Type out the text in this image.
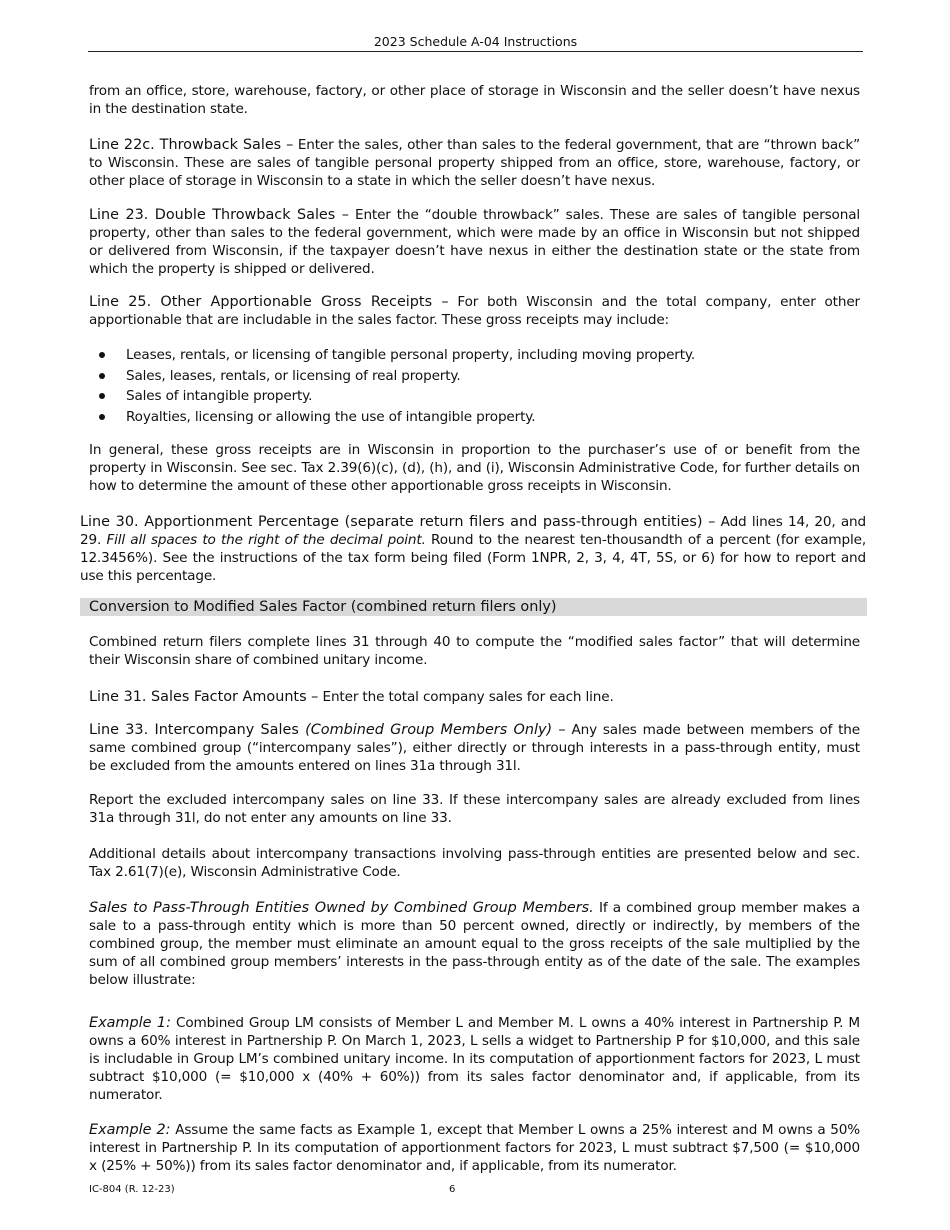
2023 Schedule A-04 Instructions
from an office, store, warehouse, factory, or other place of storage in Wisconsin and the seller doesn’t have nexus in the destination state.
Line 22c. Throwback Sales – Enter the sales, other than sales to the federal government, that are “thrown back” to Wisconsin. These are sales of tangible personal property shipped from an office, store, warehouse, factory, or other place of storage in Wisconsin to a state in which the seller doesn’t have nexus.
Line 23. Double Throwback Sales – Enter the “double throwback” sales. These are sales of tangible personal property, other than sales to the federal government, which were made by an office in Wisconsin but not shipped or delivered from Wisconsin, if the taxpayer doesn’t have nexus in either the destination state or the state from which the property is shipped or delivered.
Line 25. Other Apportionable Gross Receipts – For both Wisconsin and the total company, enter other apportionable that are includable in the sales factor. These gross receipts may include:
Leases, rentals, or licensing of tangible personal property, including moving property.
Sales, leases, rentals, or licensing of real property.
Sales of intangible property.
Royalties, licensing or allowing the use of intangible property.
In general, these gross receipts are in Wisconsin in proportion to the purchaser’s use of or benefit from the property in Wisconsin. See sec. Tax 2.39(6)(c), (d), (h), and (i), Wisconsin Administrative Code, for further details on how to determine the amount of these other apportionable gross receipts in Wisconsin.
Line 30. Apportionment Percentage (separate return filers and pass-through entities) – Add lines 14, 20, and 29. Fill all spaces to the right of the decimal point. Round to the nearest ten-thousandth of a percent (for example, 12.3456%). See the instructions of the tax form being filed (Form 1NPR, 2, 3, 4, 4T, 5S, or 6) for how to report and use this percentage.
Conversion to Modified Sales Factor (combined return filers only)
Combined return filers complete lines 31 through 40 to compute the “modified sales factor” that will determine their Wisconsin share of combined unitary income.
Line 31. Sales Factor Amounts – Enter the total company sales for each line.
Line 33. Intercompany Sales (Combined Group Members Only) – Any sales made between members of the same combined group (“intercompany sales”), either directly or through interests in a pass-through entity, must be excluded from the amounts entered on lines 31a through 31l.
Report the excluded intercompany sales on line 33. If these intercompany sales are already excluded from lines 31a through 31l, do not enter any amounts on line 33.
Additional details about intercompany transactions involving pass-through entities are presented below and sec. Tax 2.61(7)(e), Wisconsin Administrative Code.
Sales to Pass-Through Entities Owned by Combined Group Members. If a combined group member makes a sale to a pass-through entity which is more than 50 percent owned, directly or indirectly, by members of the combined group, the member must eliminate an amount equal to the gross receipts of the sale multiplied by the sum of all combined group members’ interests in the pass-through entity as of the date of the sale. The examples below illustrate:
Example 1: Combined Group LM consists of Member L and Member M. L owns a 40% interest in Partnership P. M owns a 60% interest in Partnership P. On March 1, 2023, L sells a widget to Partnership P for $10,000, and this sale is includable in Group LM’s combined unitary income. In its computation of apportionment factors for 2023, L must subtract $10,000 (= $10,000 x (40% + 60%)) from its sales factor denominator and, if applicable, from its numerator.
Example 2: Assume the same facts as Example 1, except that Member L owns a 25% interest and M owns a 50% interest in Partnership P. In its computation of apportionment factors for 2023, L must subtract $7,500 (= $10,000 x (25% + 50%)) from its sales factor denominator and, if applicable, from its numerator.
IC-804 (R. 12-23)	6
